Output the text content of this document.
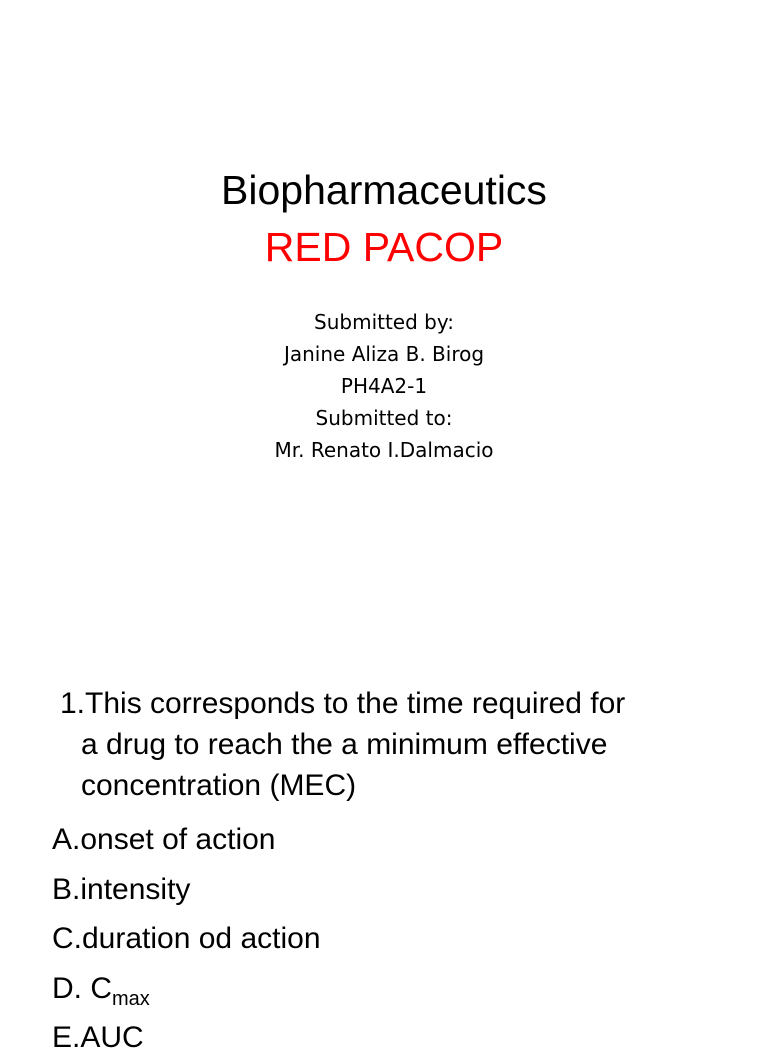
Biopharmaceutics
RED PACOP
Submitted by:
Janine Aliza B. Birog
PH4A2-1
Submitted to:
Mr. Renato I.Dalmacio
1.This corresponds to the time required for
a drug to reach the a minimum effective
concentration (MEC)
A.onset of action
B.intensity
C.duration od action
D. $C_{max}$
E.AUC
